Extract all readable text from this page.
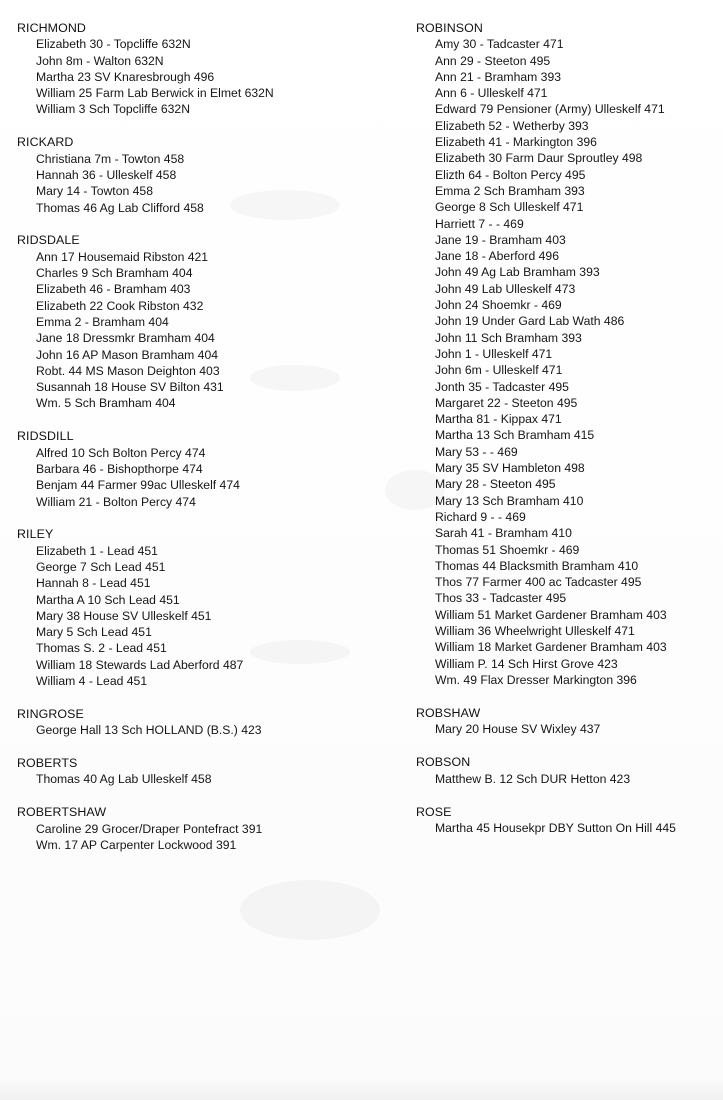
RICHMOND
Elizabeth 30 - Topcliffe 632N
John 8m - Walton 632N
Martha 23 SV Knaresbrough 496
William 25 Farm Lab Berwick in Elmet 632N
William 3 Sch Topcliffe 632N
RICKARD
Christiana 7m - Towton 458
Hannah 36 - Ulleskelf 458
Mary 14 - Towton 458
Thomas 46 Ag Lab Clifford 458
RIDSDALE
Ann 17 Housemaid Ribston 421
Charles 9 Sch Bramham 404
Elizabeth 46 - Bramham 403
Elizabeth 22 Cook Ribston 432
Emma 2 - Bramham 404
Jane 18 Dressmkr Bramham 404
John 16 AP Mason Bramham 404
Robt. 44 MS Mason Deighton 403
Susannah 18 House SV Bilton 431
Wm. 5 Sch Bramham 404
RIDSDILL
Alfred 10 Sch Bolton Percy 474
Barbara 46 - Bishopthorpe 474
Benjam 44 Farmer 99ac Ulleskelf 474
William 21 - Bolton Percy 474
RILEY
Elizabeth 1 - Lead 451
George 7 Sch Lead 451
Hannah 8 - Lead 451
Martha A 10 Sch Lead 451
Mary 38 House SV Ulleskelf 451
Mary 5 Sch Lead 451
Thomas S. 2 - Lead 451
William 18 Stewards Lad Aberford 487
William 4 - Lead 451
RINGROSE
George Hall 13 Sch HOLLAND (B.S.) 423
ROBERTS
Thomas 40 Ag Lab Ulleskelf 458
ROBERTSHAW
Caroline 29 Grocer/Draper Pontefract 391
Wm. 17 AP Carpenter Lockwood 391
ROBINSON
Amy 30 - Tadcaster 471
Ann 29 - Steeton 495
Ann 21 - Bramham 393
Ann 6 - Ulleskelf 471
Edward 79 Pensioner (Army) Ulleskelf 471
Elizabeth 52 - Wetherby 393
Elizabeth 41 - Markington 396
Elizabeth 30 Farm Daur Sproutley 498
Elizth 64 - Bolton Percy 495
Emma 2 Sch Bramham 393
George 8 Sch Ulleskelf 471
Harriett 7 - - 469
Jane 19 - Bramham 403
Jane 18 - Aberford 496
John 49 Ag Lab Bramham 393
John 49 Lab Ulleskelf 473
John 24 Shoemkr - 469
John 19 Under Gard Lab Wath 486
John 11 Sch Bramham 393
John 1 - Ulleskelf 471
John 6m - Ulleskelf 471
Jonth 35 - Tadcaster 495
Margaret 22 - Steeton 495
Martha 81 - Kippax 471
Martha 13 Sch Bramham 415
Mary 53 - - 469
Mary 35 SV Hambleton 498
Mary 28 - Steeton 495
Mary 13 Sch Bramham 410
Richard 9 - - 469
Sarah 41 - Bramham 410
Thomas 51 Shoemkr - 469
Thomas 44 Blacksmith Bramham 410
Thos 77 Farmer 400 ac Tadcaster 495
Thos 33 - Tadcaster 495
William 51 Market Gardener Bramham 403
William 36 Wheelwright Ulleskelf 471
William 18 Market Gardener Bramham 403
William P. 14 Sch Hirst Grove 423
Wm. 49 Flax Dresser Markington 396
ROBSHAW
Mary 20 House SV Wixley 437
ROBSON
Matthew B. 12 Sch DUR Hetton 423
ROSE
Martha 45 Housekpr DBY Sutton On Hill 445
